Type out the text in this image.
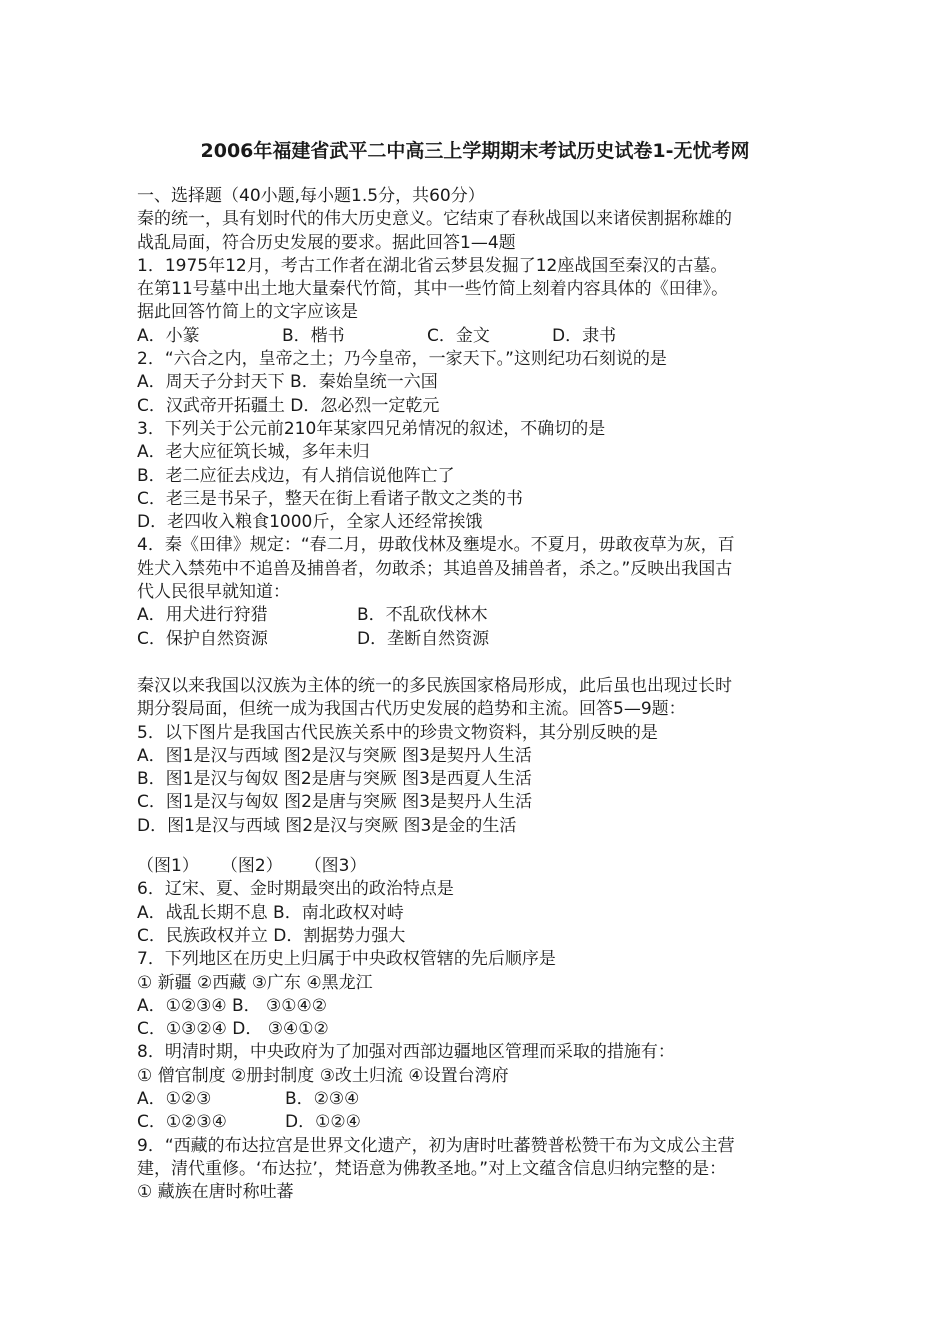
2006年福建省武平二中高三上学期期末考试历史试卷1-无忧考网
一、选择题（40小题,每小题1.5分，共60分）
秦的统一，具有划时代的伟大历史意义。它结束了春秋战国以来诸侯割据称雄的
战乱局面，符合历史发展的要求。据此回答1—4题
1．1975年12月，考古工作者在湖北省云梦县发掘了12座战国至秦汉的古墓。
在第11号墓中出土地大量秦代竹简，其中一些竹简上刻着内容具体的《田律》。
据此回答竹简上的文字应该是
A．小篆	B．楷书	C．金文	D．隶书
2．“六合之内，皇帝之土；乃今皇帝，一家天下。”这则纪功石刻说的是
A．周天子分封天下 B．秦始皇统一六国
C．汉武帝开拓疆土 D．忽必烈一定乾元
3．下列关于公元前210年某家四兄弟情况的叙述，不确切的是
A．老大应征筑长城，多年未归
B．老二应征去戍边，有人捎信说他阵亡了
C．老三是书呆子，整天在街上看诸子散文之类的书
D．老四收入粮食1000斤，全家人还经常挨饿
4．秦《田律》规定：“春二月，毋敢伐林及壅堤水。不夏月，毋敢夜草为灰，百
姓犬入禁苑中不追兽及捕兽者，勿敢杀；其追兽及捕兽者，杀之。”反映出我国古
代人民很早就知道：
A．用犬进行狩猎	B．不乱砍伐林木
C．保护自然资源	D．垄断自然资源
秦汉以来我国以汉族为主体的统一的多民族国家格局形成，此后虽也出现过长时
期分裂局面，但统一成为我国古代历史发展的趋势和主流。回答5—9题：
5．以下图片是我国古代民族关系中的珍贵文物资料，其分别反映的是
A．图1是汉与西域 图2是汉与突厥 图3是契丹人生活
B．图1是汉与匈奴 图2是唐与突厥 图3是西夏人生活
C．图1是汉与匈奴 图2是唐与突厥 图3是契丹人生活
D．图1是汉与西域 图2是汉与突厥 图3是金的生活
（图1） （图2） （图3）
6．辽宋、夏、金时期最突出的政治特点是
A．战乱长期不息 B．南北政权对峙
C．民族政权并立 D．割据势力强大
7．下列地区在历史上归属于中央政权管辖的先后顺序是
① 新疆 ②西藏 ③广东 ④黑龙江
A．①②③④ B． ③①④②
C．①③②④ D． ③④①②
8．明清时期，中央政府为了加强对西部边疆地区管理而采取的措施有：
① 僧官制度 ②册封制度 ③改土归流 ④设置台湾府
A．①②③	B．②③④
C．①②③④	D．①②④
9．“西藏的布达拉宫是世界文化遗产，初为唐时吐蕃赞普松赞干布为文成公主营
建，清代重修。‘布达拉’，梵语意为佛教圣地。”对上文蕴含信息归纳完整的是：
① 藏族在唐时称吐蕃
